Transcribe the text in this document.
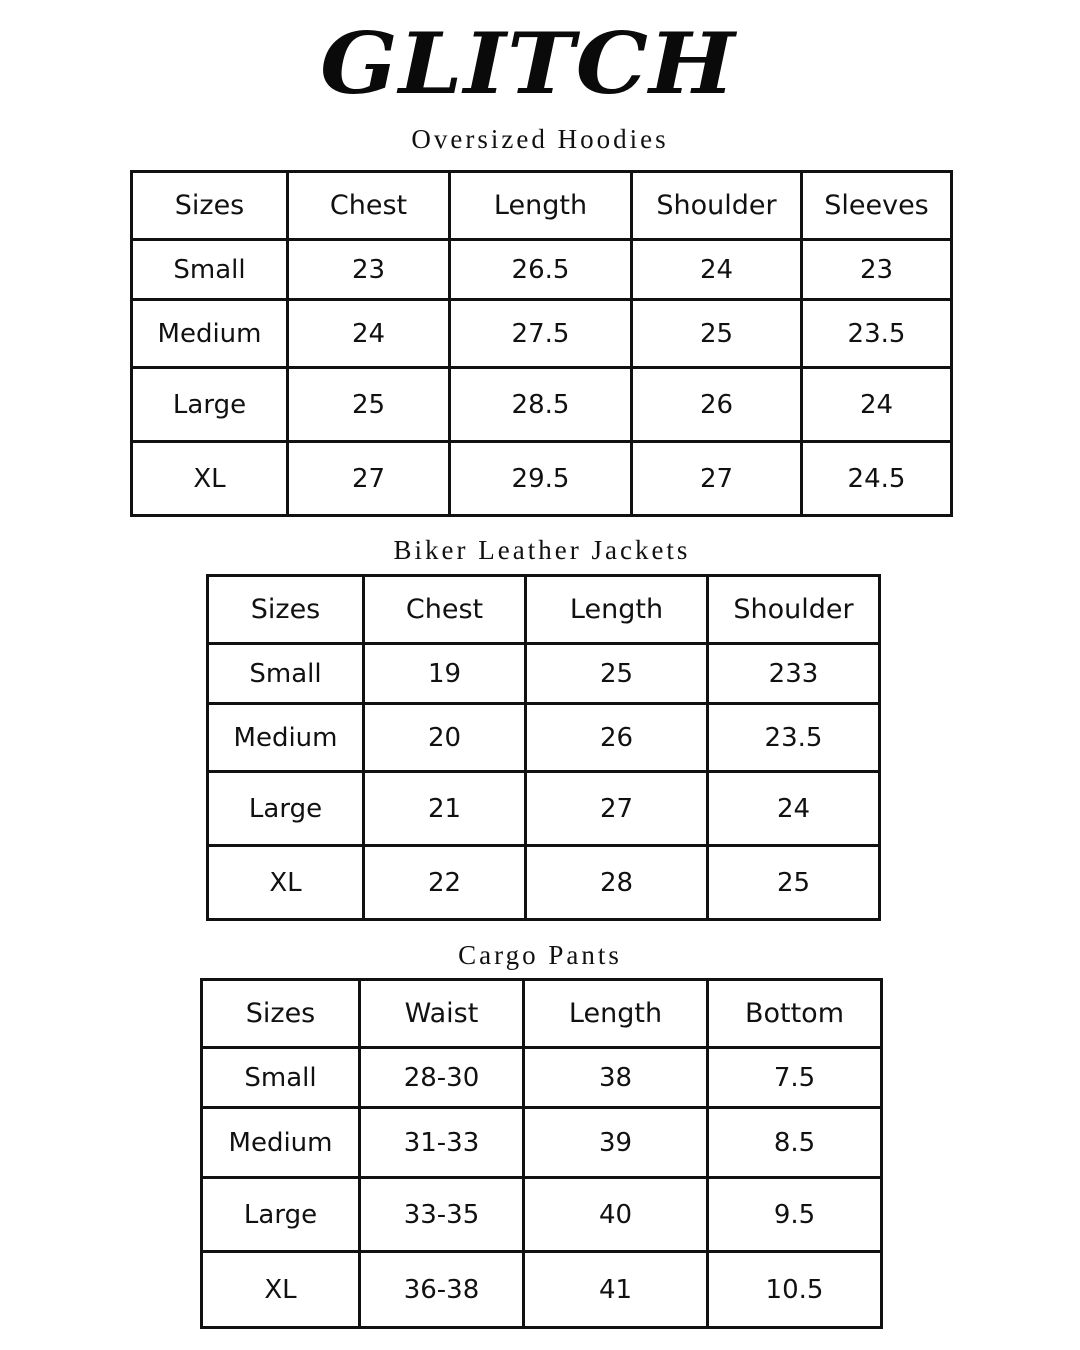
GLITCH
Oversized Hoodies
Sizes	Chest	Length	Shoulder	Sleeves
Small	23	26.5	24	23
Medium	24	27.5	25	23.5
Large	25	28.5	26	24
XL	27	29.5	27	24.5
Biker Leather Jackets
Sizes	Chest	Length	Shoulder
Small	19	25	233
Medium	20	26	23.5
Large	21	27	24
XL	22	28	25
Cargo Pants
Sizes	Waist	Length	Bottom
Small	28-30	38	7.5
Medium	31-33	39	8.5
Large	33-35	40	9.5
XL	36-38	41	10.5
